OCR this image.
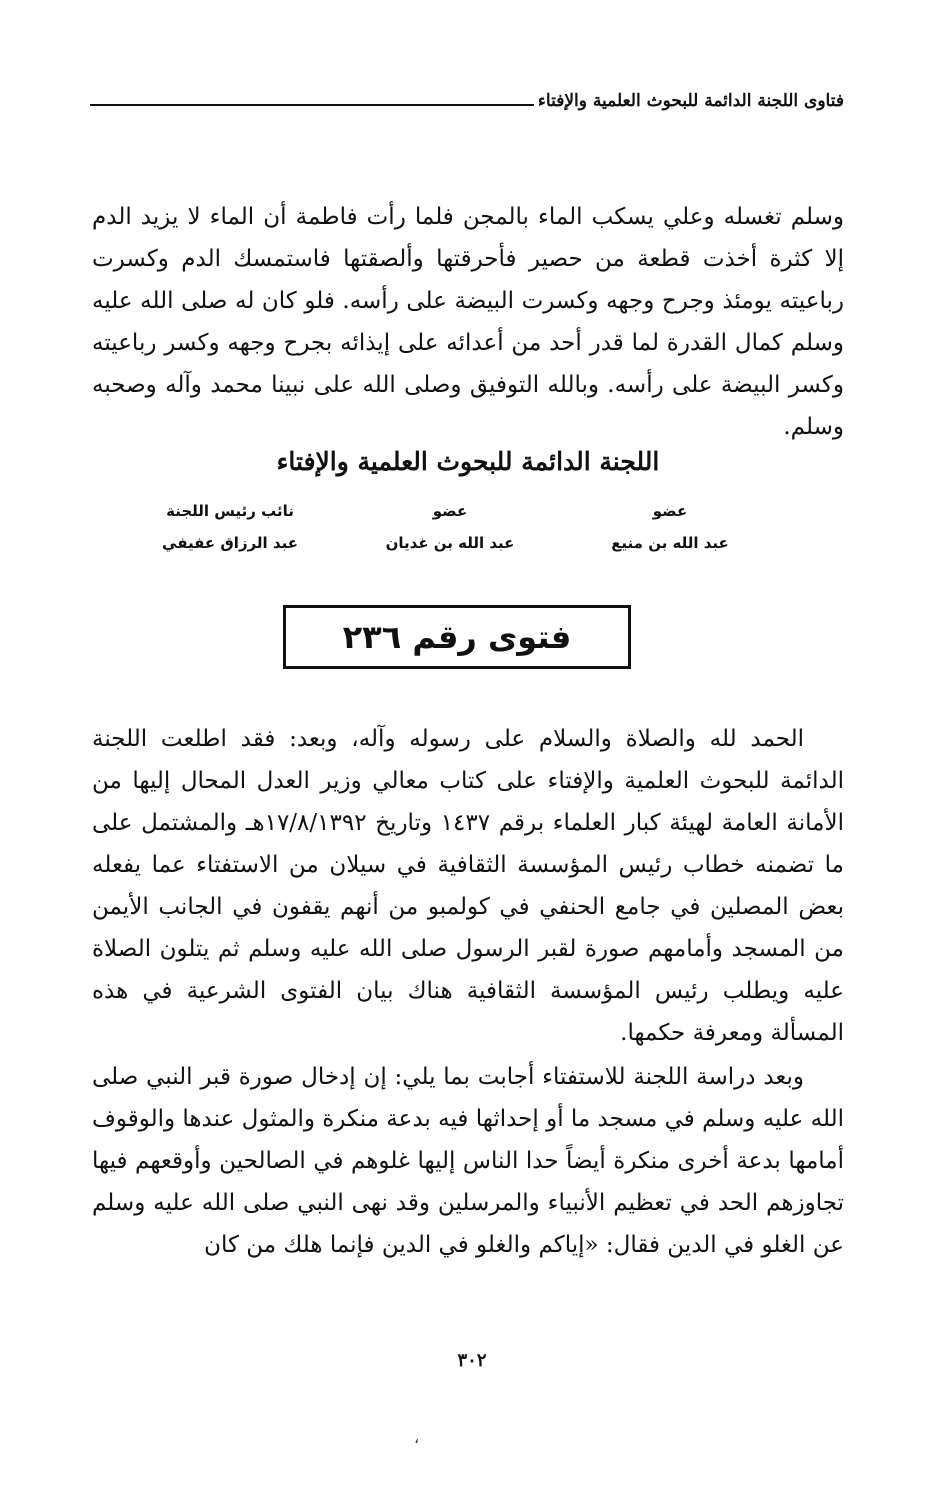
فتاوى اللجنة الدائمة للبحوث العلمية والإفتاء

وسلم تغسله وعلي يسكب الماء بالمجن فلما رأت فاطمة أن الماء لا يزيد الدم إلا كثرة أخذت قطعة من حصير فأحرقتها وألصقتها فاستمسك الدم وكسرت رباعيته يومئذ وجرح وجهه وكسرت البيضة على رأسه. فلو كان له صلى الله عليه وسلم كمال القدرة لما قدر أحد من أعدائه على إيذائه بجرح وجهه وكسر رباعيته وكسر البيضة على رأسه. وبالله التوفيق وصلى الله على نبينا محمد وآله وصحبه وسلم.

اللجنة الدائمة للبحوث العلمية والإفتاء
عضو
عبد الله بن منيع
عضو
عبد الله بن غديان
نائب رئيس اللجنة
عبد الرزاق عفيفي
فتوى رقم ٢٣٦

الحمد لله والصلاة والسلام على رسوله وآله، وبعد: فقد اطلعت اللجنة الدائمة للبحوث العلمية والإفتاء على كتاب معالي وزير العدل المحال إليها من الأمانة العامة لهيئة كبار العلماء برقم ١٤٣٧ وتاريخ ١٧/٨/١٣٩٢هـ والمشتمل على ما تضمنه خطاب رئيس المؤسسة الثقافية في سيلان من الاستفتاء عما يفعله بعض المصلين في جامع الحنفي في كولمبو من أنهم يقفون في الجانب الأيمن من المسجد وأمامهم صورة لقبر الرسول صلى الله عليه وسلم ثم يتلون الصلاة عليه ويطلب رئيس المؤسسة الثقافية هناك بيان الفتوى الشرعية في هذه المسألة ومعرفة حكمها.

وبعد دراسة اللجنة للاستفتاء أجابت بما يلي: إن إدخال صورة قبر النبي صلى الله عليه وسلم في مسجد ما أو إحداثها فيه بدعة منكرة والمثول عندها والوقوف أمامها بدعة أخرى منكرة أيضاً حدا الناس إليها غلوهم في الصالحين وأوقعهم فيها تجاوزهم الحد في تعظيم الأنبياء والمرسلين وقد نهى النبي صلى الله عليه وسلم عن الغلو في الدين فقال: «إياكم والغلو في الدين فإنما هلك من كان

٣٠٢
،
